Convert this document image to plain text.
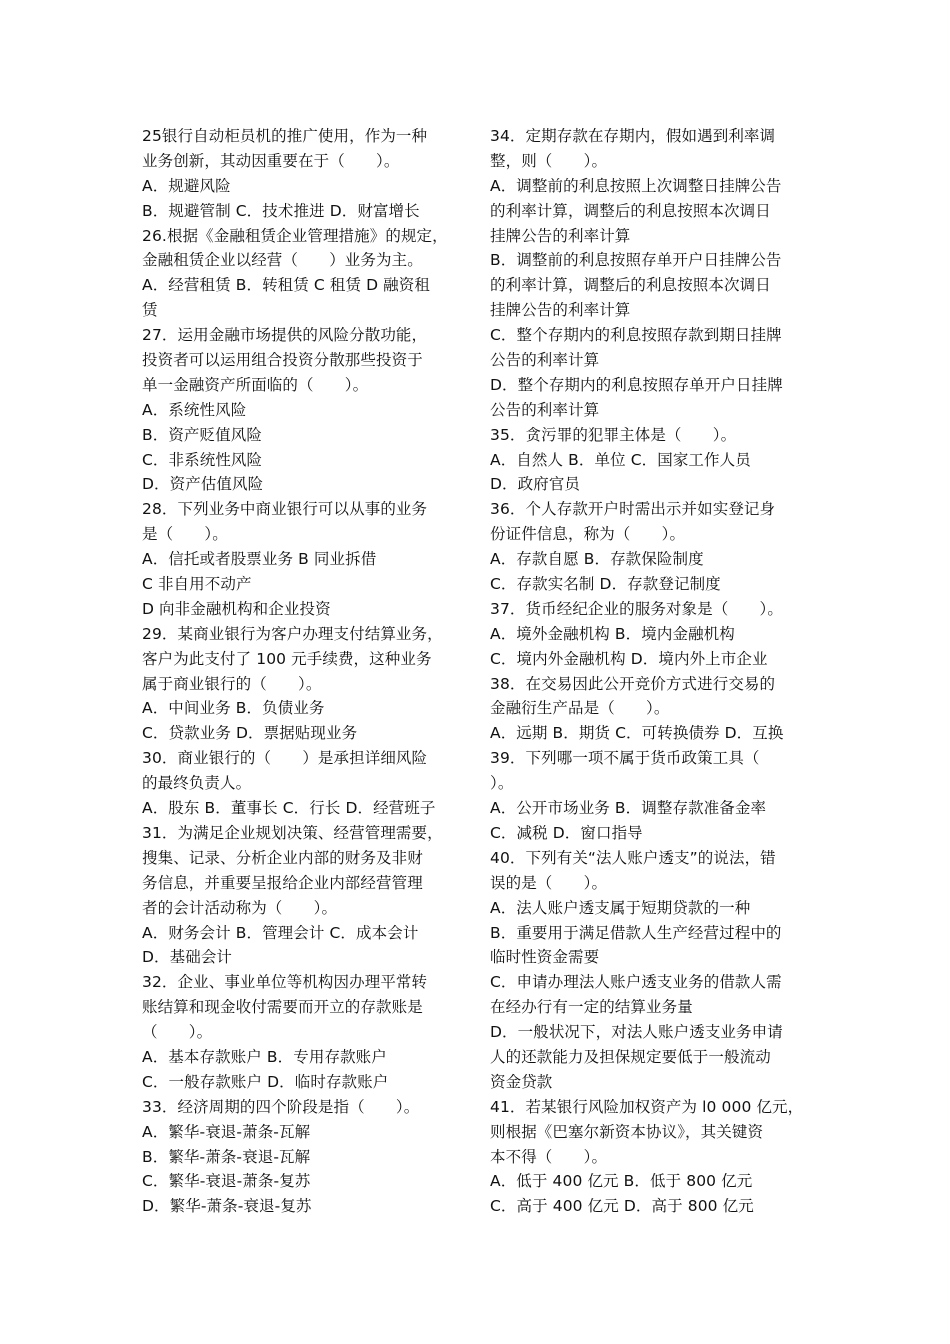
25银行自动柜员机的推广使用，作为一种
业务创新，其动因重要在于（　　）。
A．规避风险
B．规避管制 C．技术推进 D．财富增长
26.根据《金融租赁企业管理措施》的规定，
金融租赁企业以经营（　　）业务为主。
A．经营租赁 B．转租赁 C 租赁 D 融资租
赁
27．运用金融市场提供的风险分散功能，
投资者可以运用组合投资分散那些投资于
单一金融资产所面临的（　　）。
A．系统性风险
B．资产贬值风险
C．非系统性风险
D．资产估值风险
28．下列业务中商业银行可以从事的业务
是（　　）。
A．信托或者股票业务 B 同业拆借
C 非自用不动产
D 向非金融机构和企业投资
29．某商业银行为客户办理支付结算业务，
客户为此支付了 100 元手续费，这种业务
属于商业银行的（　　）。
A．中间业务 B．负债业务
C．贷款业务 D．票据贴现业务
30．商业银行的（　　）是承担详细风险
的最终负责人。
A．股东 B．董事长 C．行长 D．经营班子
31．为满足企业规划决策、经营管理需要，
搜集、记录、分析企业内部的财务及非财
务信息，并重要呈报给企业内部经营管理
者的会计活动称为（　　）。
A．财务会计 B．管理会计 C．成本会计
D．基础会计
32．企业、事业单位等机构因办理平常转
账结算和现金收付需要而开立的存款账是
（　　）。
A．基本存款账户 B．专用存款账户
C．一般存款账户 D．临时存款账户
33．经济周期的四个阶段是指（　　）。
A．繁华-衰退-萧条-瓦解
B．繁华-萧条-衰退-瓦解
C．繁华-衰退-萧条-复苏
D．繁华-萧条-衰退-复苏
34．定期存款在存期内，假如遇到利率调
整，则（　　）。
A．调整前的利息按照上次调整日挂牌公告
的利率计算，调整后的利息按照本次调日
挂牌公告的利率计算
B．调整前的利息按照存单开户日挂牌公告
的利率计算，调整后的利息按照本次调日
挂牌公告的利率计算
C．整个存期内的利息按照存款到期日挂牌
公告的利率计算
D．整个存期内的利息按照存单开户日挂牌
公告的利率计算
35．贪污罪的犯罪主体是（　　）。
A．自然人 B．单位 C．国家工作人员
D．政府官员
36．个人存款开户时需出示并如实登记身
份证件信息，称为（　　）。
A．存款自愿 B．存款保险制度
C．存款实名制 D．存款登记制度
37．货币经纪企业的服务对象是（　　）。
A．境外金融机构 B．境内金融机构
C．境内外金融机构 D．境内外上市企业
38．在交易因此公开竞价方式进行交易的
金融衍生产品是（　　）。
A．远期 B．期货 C．可转换债券 D．互换
39．下列哪一项不属于货币政策工具（
）。
A．公开市场业务 B．调整存款准备金率
C．减税 D．窗口指导
40．下列有关“法人账户透支”的说法，错
误的是（　　）。
A．法人账户透支属于短期贷款的一种
B．重要用于满足借款人生产经营过程中的
临时性资金需要
C．申请办理法人账户透支业务的借款人需
在经办行有一定的结算业务量
D．一般状况下，对法人账户透支业务申请
人的还款能力及担保规定要低于一般流动
资金贷款
41．若某银行风险加权资产为 l0 000 亿元，
则根据《巴塞尔新资本协议》，其关键资
本不得（　　）。
A．低于 400 亿元 B．低于 800 亿元
C．高于 400 亿元 D．高于 800 亿元
